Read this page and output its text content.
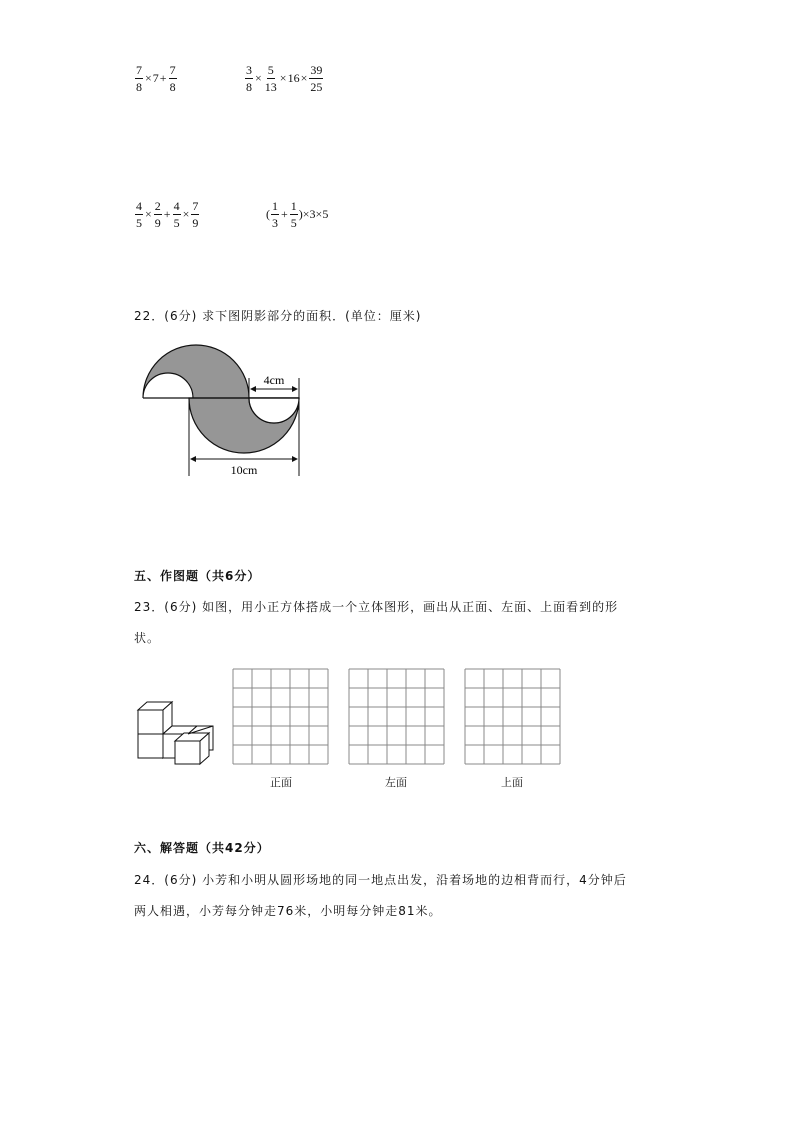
$\frac{7}{8} \times 7 + \frac{7}{8}$	$\frac{3}{8} \times \frac{5}{13} \times 16 \times \frac{39}{25}$
$\frac{4}{5} \times \frac{2}{9} + \frac{4}{5} \times \frac{7}{9}$	( $\frac{1}{3} + \frac{1}{5} )\times 3\times 5$
22．(6分) 求下图阴影部分的面积．(单位：厘米)
4cm
10cm
五、作图题（共6分）
23．(6分) 如图，用小正方体搭成一个立体图形，画出从正面、左面、上面看到的形
状。
正面	左面	上面
六、解答题（共42分）
24．(6分) 小芳和小明从圆形场地的同一地点出发，沿着场地的边相背而行，4分钟后
两人相遇，小芳每分钟走76米，小明每分钟走81米。
